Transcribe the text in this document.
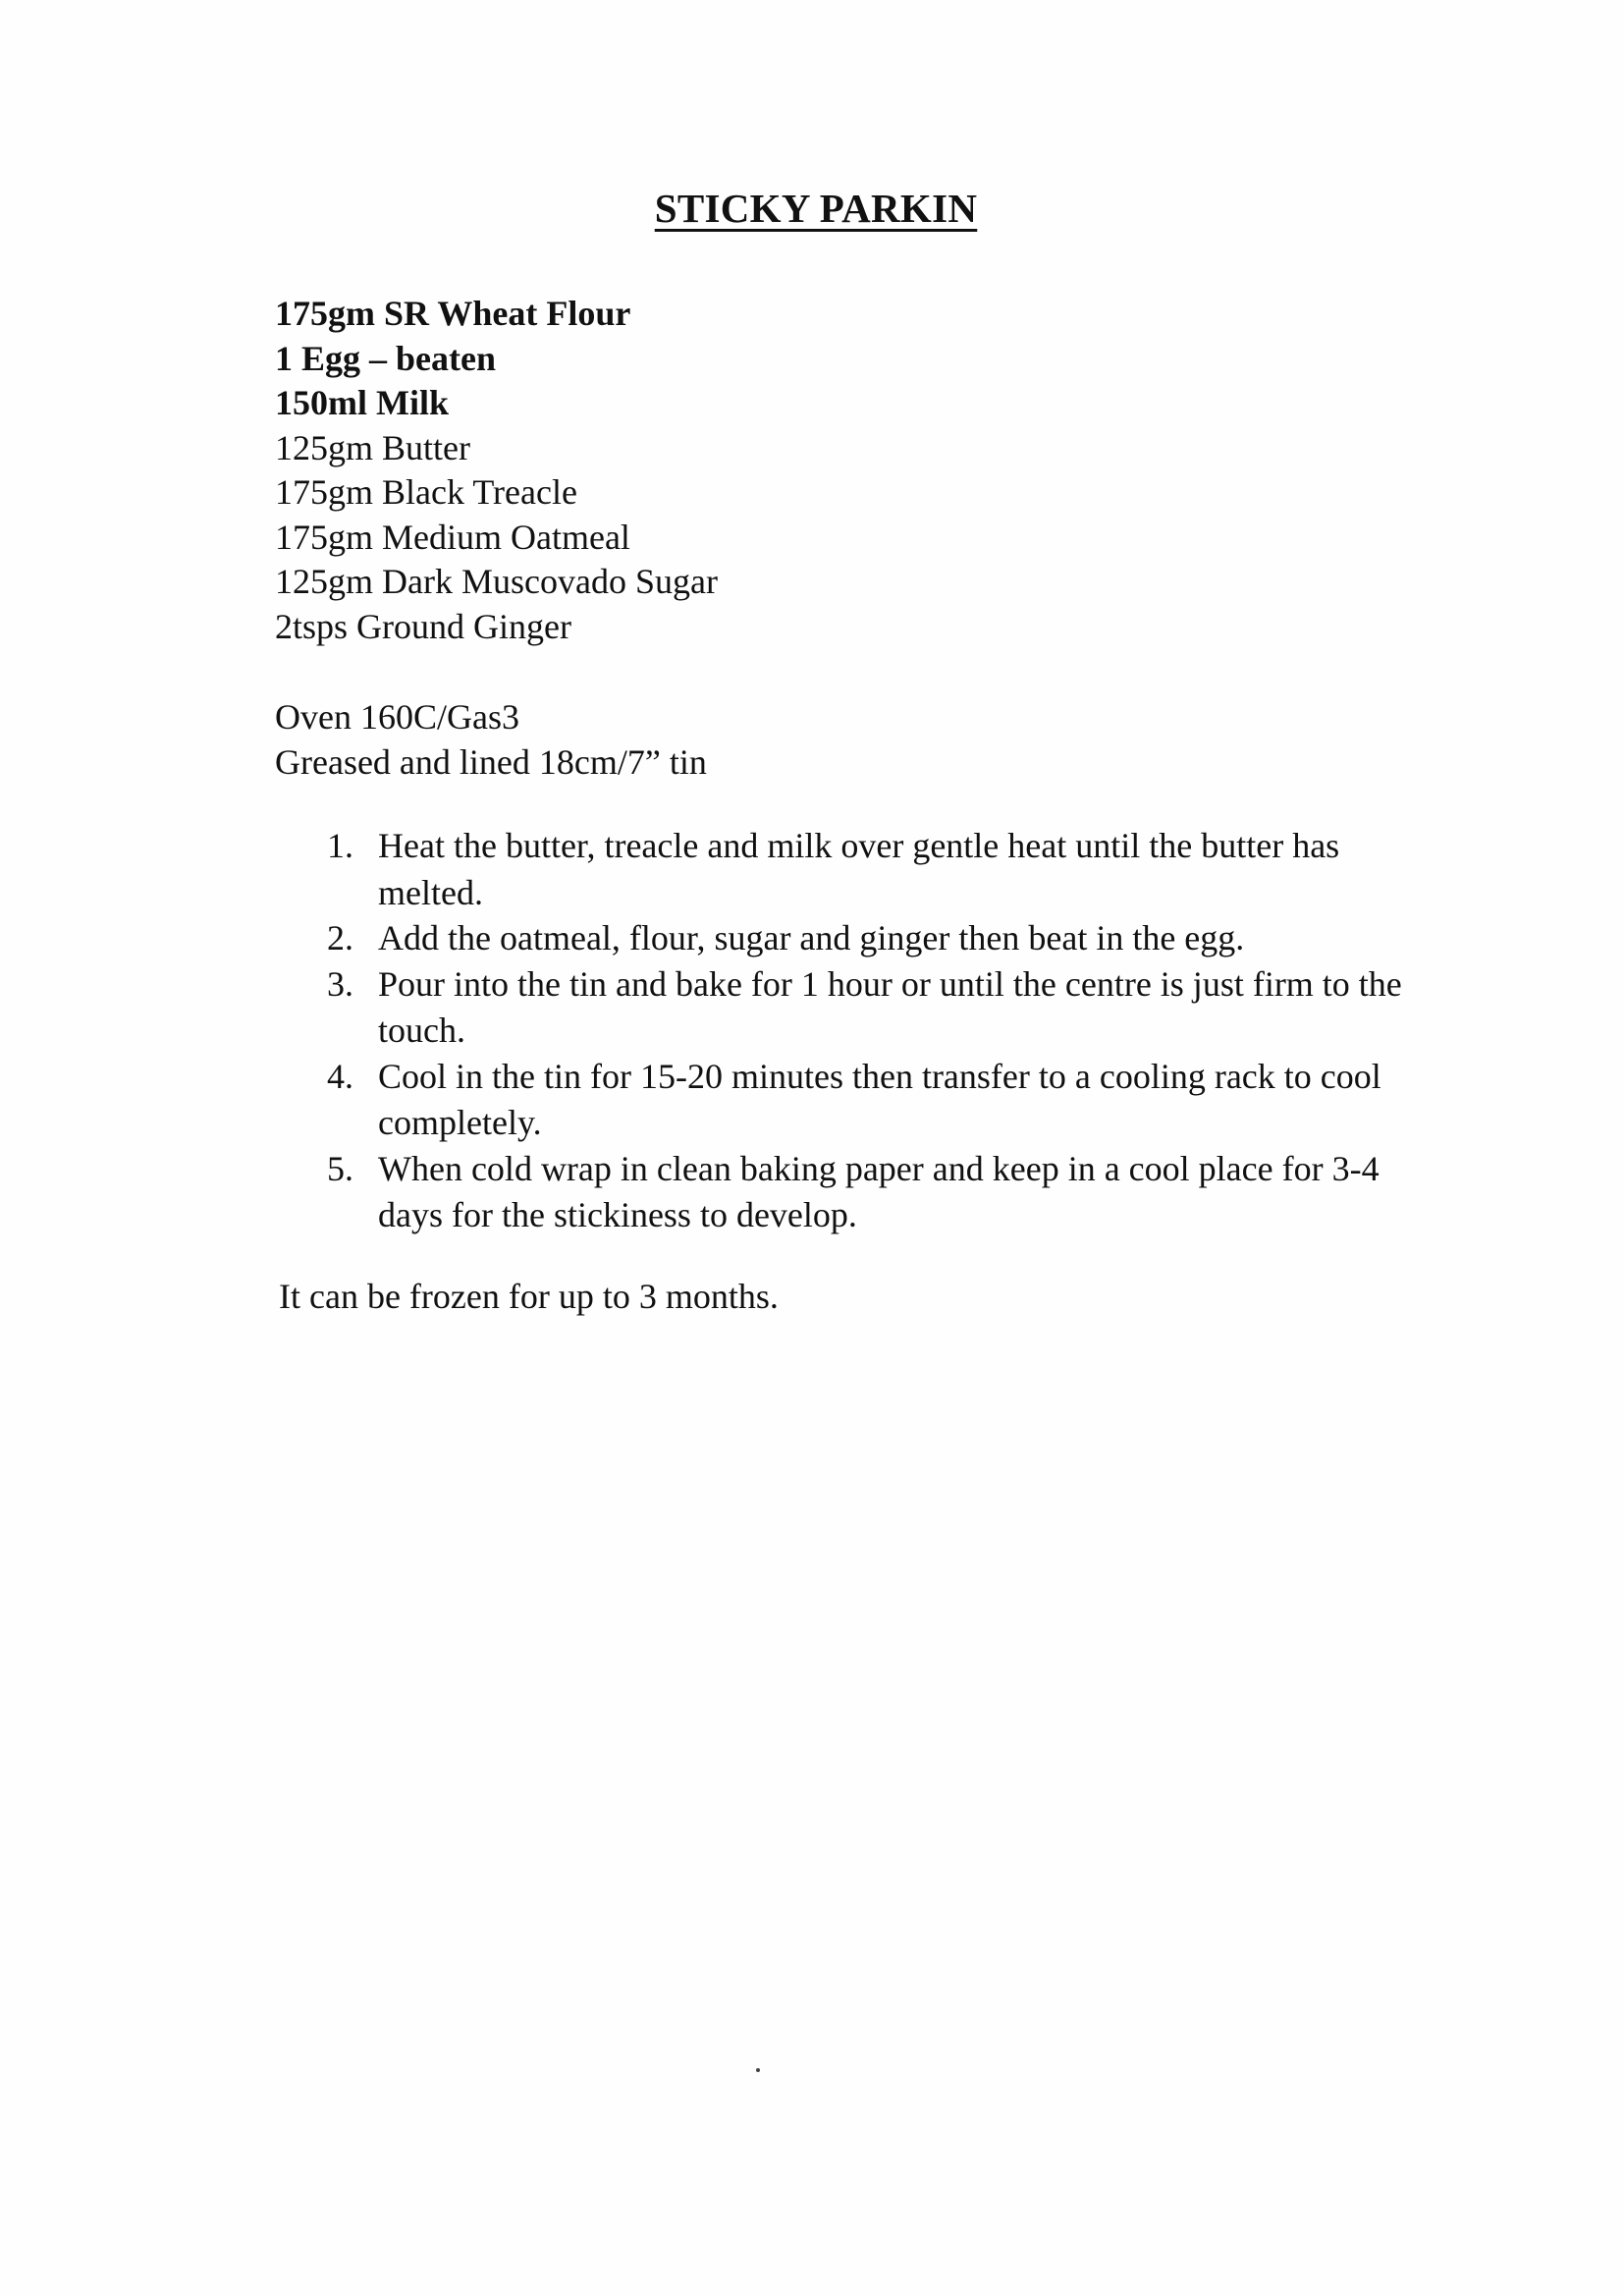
STICKY PARKIN
175gm SR Wheat Flour
1 Egg – beaten
150ml Milk
125gm Butter
175gm Black Treacle
175gm Medium Oatmeal
125gm Dark Muscovado Sugar
2tsps Ground Ginger
Oven 160C/Gas3
Greased and lined 18cm/7” tin
1. Heat the butter, treacle and milk over gentle heat until the butter has melted.
2. Add the oatmeal, flour, sugar and ginger then beat in the egg.
3. Pour into the tin and bake for 1 hour or until the centre is just firm to the touch.
4. Cool in the tin for 15-20 minutes then transfer to a cooling rack to cool completely.
5. When cold wrap in clean baking paper and keep in a cool place for 3-4 days for the stickiness to develop.

It can be frozen for up to 3 months.
